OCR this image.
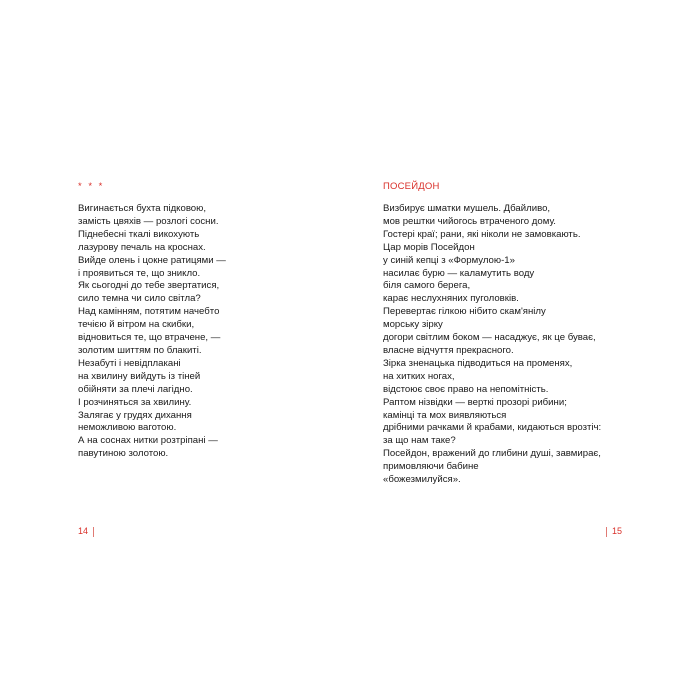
* * *
Вигинається бухта підковою,
замість цвяхів — розлогі сосни.
Піднебесні ткалі викохують
лазурову печаль на кроснах.
Вийде олень і цокне ратицями —
і проявиться те, що зникло.
Як сьогодні до тебе звертатися,
сило темна чи сило світла?
Над камінням, потятим начебто
течією й вітром на скибки,
відновиться те, що втрачене, —
золотим шиттям по блакиті.
Незабуті і невідплакані
на хвилину вийдуть із тіней
обійняти за плечі лагідно.
І розчиняться за хвилину.
Залягає у грудях дихання
неможливою ваготою.
А на соснах нитки розтріпані —
павутиною золотою.
14
ПОСЕЙДОН
Визбирує шматки мушель. Дбайливо,
мов рештки чийогось втраченого дому.
Гостері краї; рани, які ніколи не замовкають.
Цар морів Посейдон
у синій кепці з «Формулою-1»
насилає бурю — каламутить воду
біля самого берега,
карає неслухняних пуголовків.
Перевертає гілкою нібито скам'янілу
морську зірку
догори світлим боком — насаджує, як це буває,
власне відчуття прекрасного.
Зірка зненацька підводиться на променях,
на хитких ногах,
відстоює своє право на непомітність.
Раптом нізвідки — верткі прозорі рибини;
камінці та мох виявляються
дрібними рачками й крабами, кидаються врозтіч:
за що нам таке?
Посейдон, вражений до глибини душі, завмирає,
примовляючи бабине
«божезмилуйся».
15
